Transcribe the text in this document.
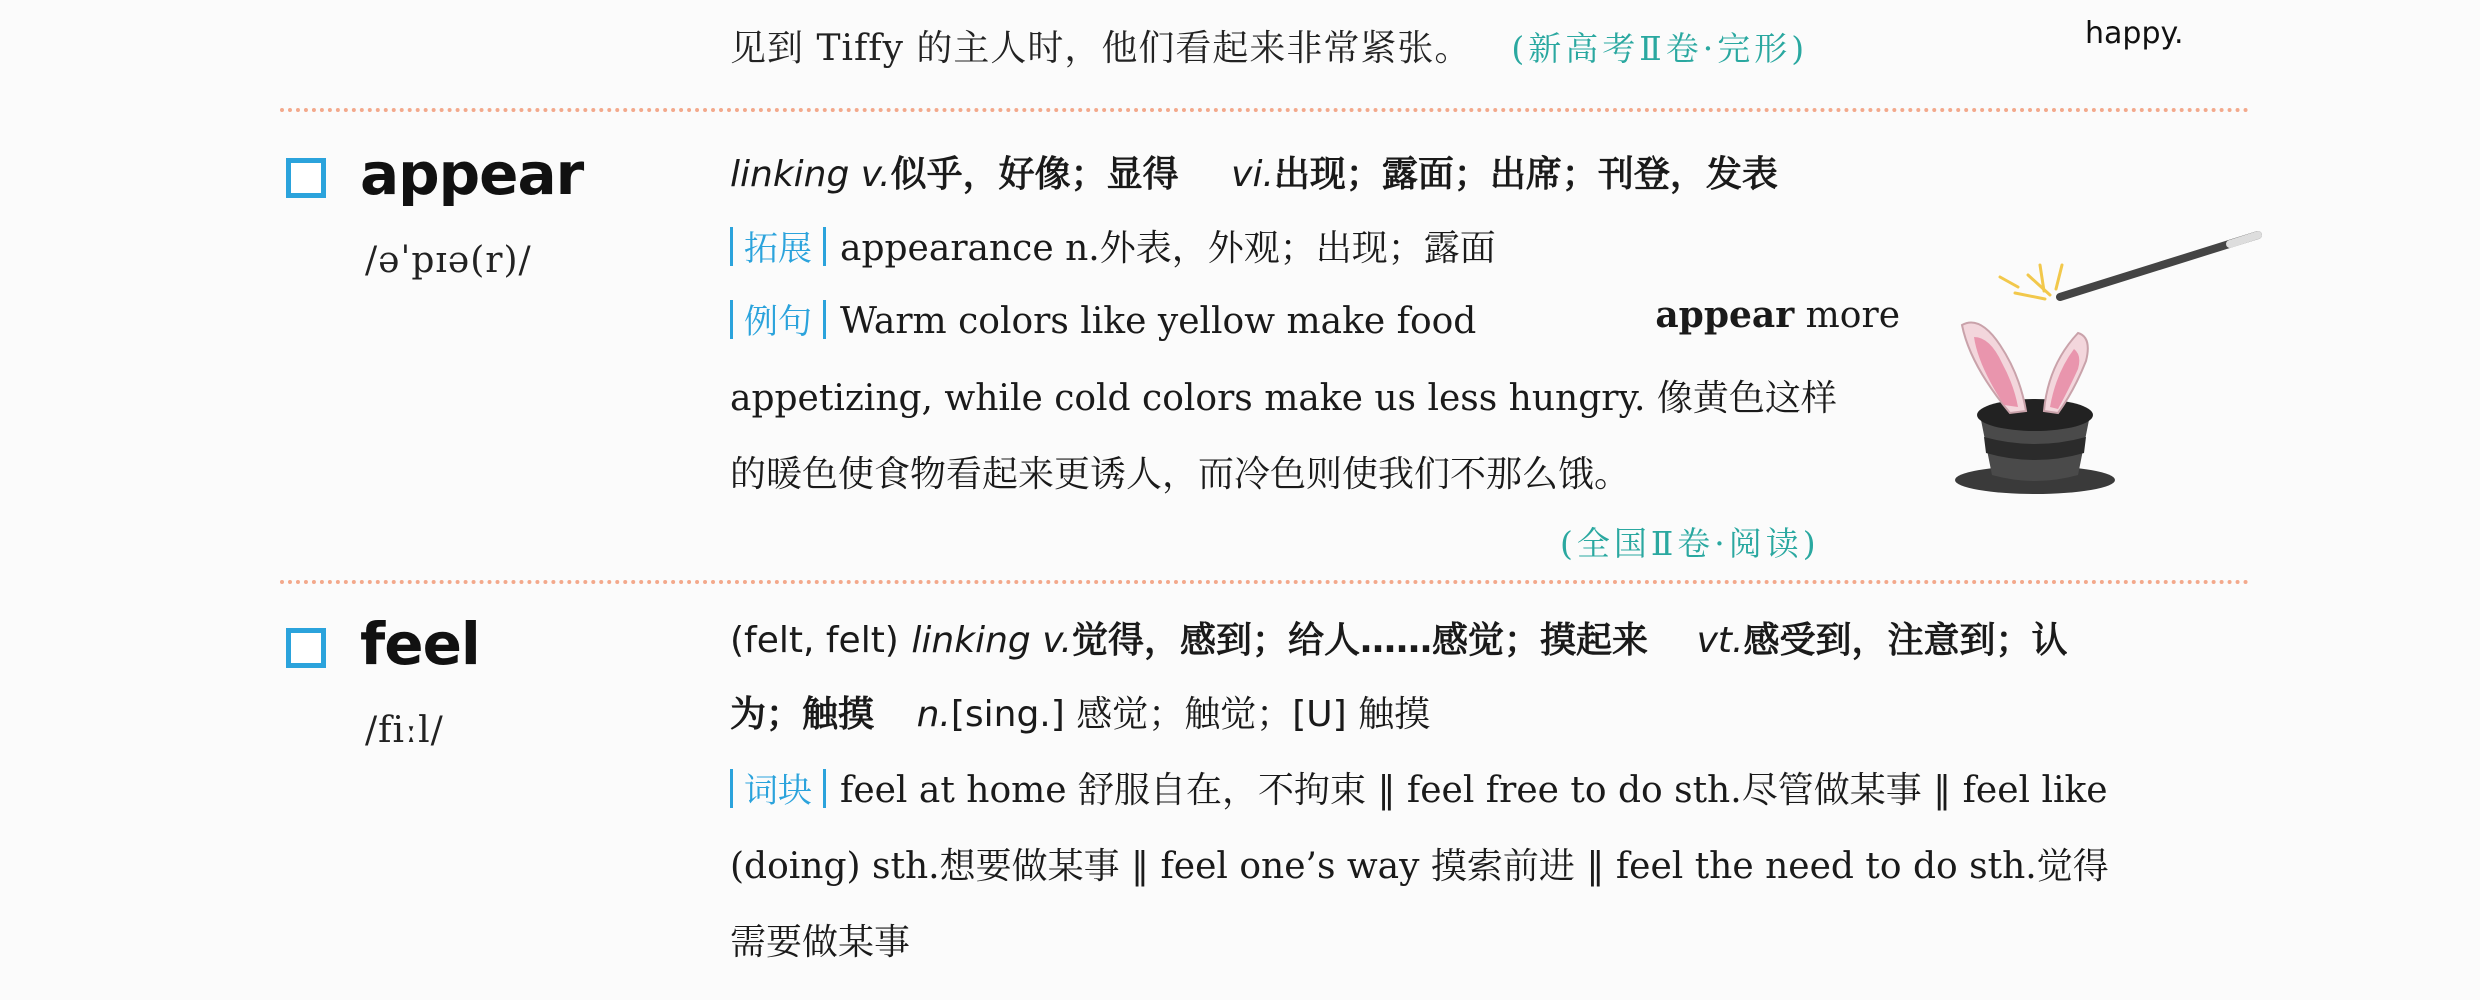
见到 Tiffy 的主人时，他们看起来非常紧张。 (新高考Ⅱ卷·完形)	happy.
appear
/əˈpɪə(r)/
linking v.似乎，好像；显得 vi.出现；露面；出席；刊登，发表
拓展 appearance n.外表，外观；出现；露面
例句 Warm colors like yellow make food	appear more
appetizing, while cold colors make us less hungry. 像黄色这样
的暖色使食物看起来更诱人，而冷色则使我们不那么饿。
(全国Ⅱ卷·阅读)
feel
/fiːl/
(felt, felt) linking v.觉得，感到；给人……感觉；摸起来 vt.感受到，注意到；认
为；触摸 n.[sing.] 感觉；触觉；[U] 触摸
词块 feel at home 舒服自在，不拘束 ‖ feel free to do sth.尽管做某事 ‖ feel like
(doing) sth.想要做某事 ‖ feel one’s way 摸索前进 ‖ feel the need to do sth.觉得
需要做某事
